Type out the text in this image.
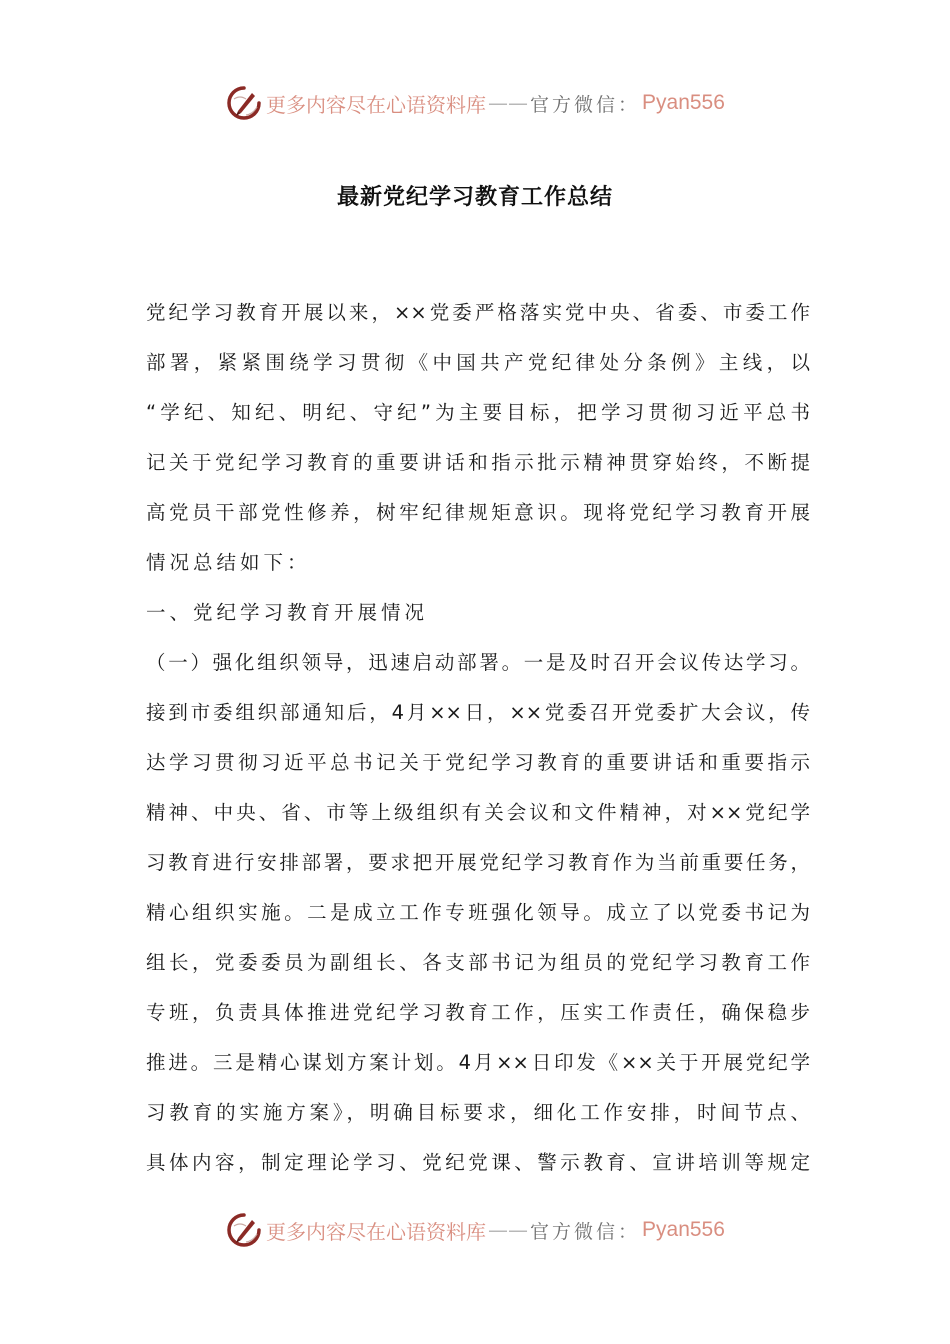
更多内容尽在心语资料库 —— 官方微信： Pyan556
最新党纪学习教育工作总结
党纪学习教育开展以来，××党委严格落实党中央、省委、市委工作
部署，紧紧围绕学习贯彻《中国共产党纪律处分条例》主线，以
“学纪、知纪、明纪、守纪”为主要目标，把学习贯彻习近平总书
记关于党纪学习教育的重要讲话和指示批示精神贯穿始终，不断提
高党员干部党性修养，树牢纪律规矩意识。现将党纪学习教育开展
情况总结如下：
一、党纪学习教育开展情况
（一）强化组织领导，迅速启动部署。一是及时召开会议传达学习。
接到市委组织部通知后，4月××日，××党委召开党委扩大会议，传
达学习贯彻习近平总书记关于党纪学习教育的重要讲话和重要指示
精神、中央、省、市等上级组织有关会议和文件精神，对××党纪学
习教育进行安排部署，要求把开展党纪学习教育作为当前重要任务，
精心组织实施。二是成立工作专班强化领导。成立了以党委书记为
组长，党委委员为副组长、各支部书记为组员的党纪学习教育工作
专班，负责具体推进党纪学习教育工作，压实工作责任，确保稳步
推进。三是精心谋划方案计划。4月××日印发《××关于开展党纪学
习教育的实施方案》，明确目标要求，细化工作安排，时间节点、
具体内容，制定理论学习、党纪党课、警示教育、宣讲培训等规定
更多内容尽在心语资料库 —— 官方微信： Pyan556
